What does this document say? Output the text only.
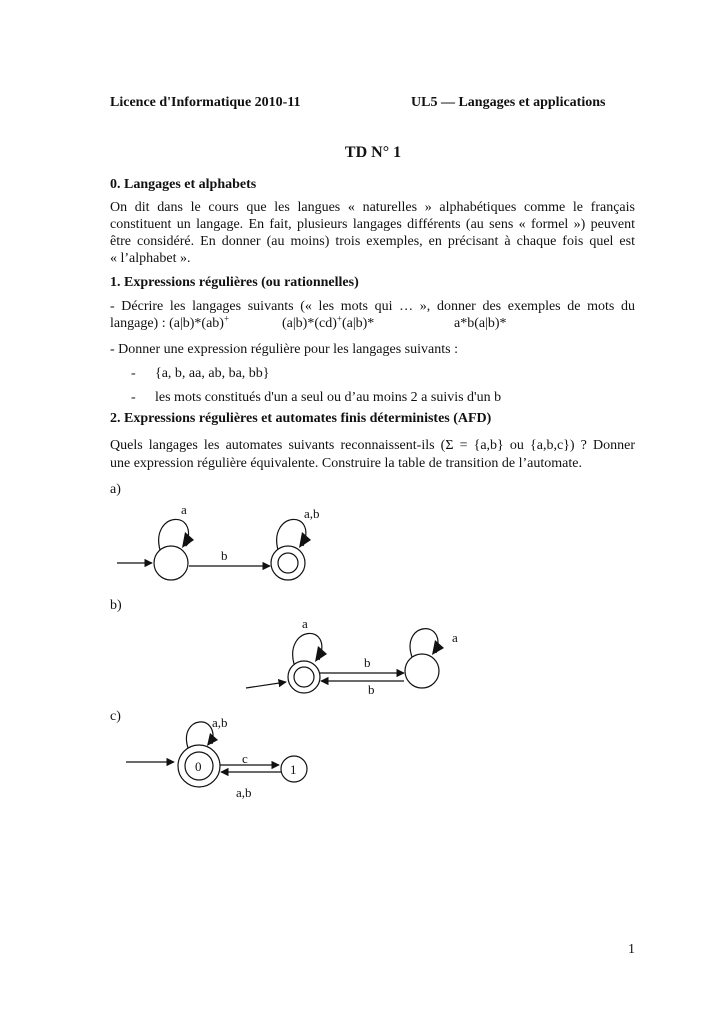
Licence d'Informatique 2010-11	UL5 — Langages et applications
TD N° 1
0. Langages et alphabets
On dit dans le cours que les langues « naturelles » alphabétiques comme le français
constituent un langage. En fait, plusieurs langages différents (au sens « formel ») peuvent
être considéré. En donner (au moins) trois exemples, en précisant à chaque fois quel est
« l’alphabet ».
1. Expressions régulières (ou rationnelles)
- Décrire les langages suivants (« les mots qui … », donner des exemples de mots du
langage) : (a|b)*(ab)+	(a|b)*(cd)+(a|b)*	a*b(a|b)*
- Donner une expression régulière pour les langages suivants :
- {a, b, aa, ab, ba, bb}
- les mots constitués d'un a seul ou d’au moins 2 a suivis d'un b
2. Expressions régulières et automates finis déterministes (AFD)
Quels langages les automates suivants reconnaissent-ils (Σ = {a,b} ou {a,b,c}) ? Donner
une expression régulière équivalente. Construire la table de transition de l’automate.
a)
b)
c)
a
b
a,b
a
b
b
a
0
a,b
c
a,b
1
1
